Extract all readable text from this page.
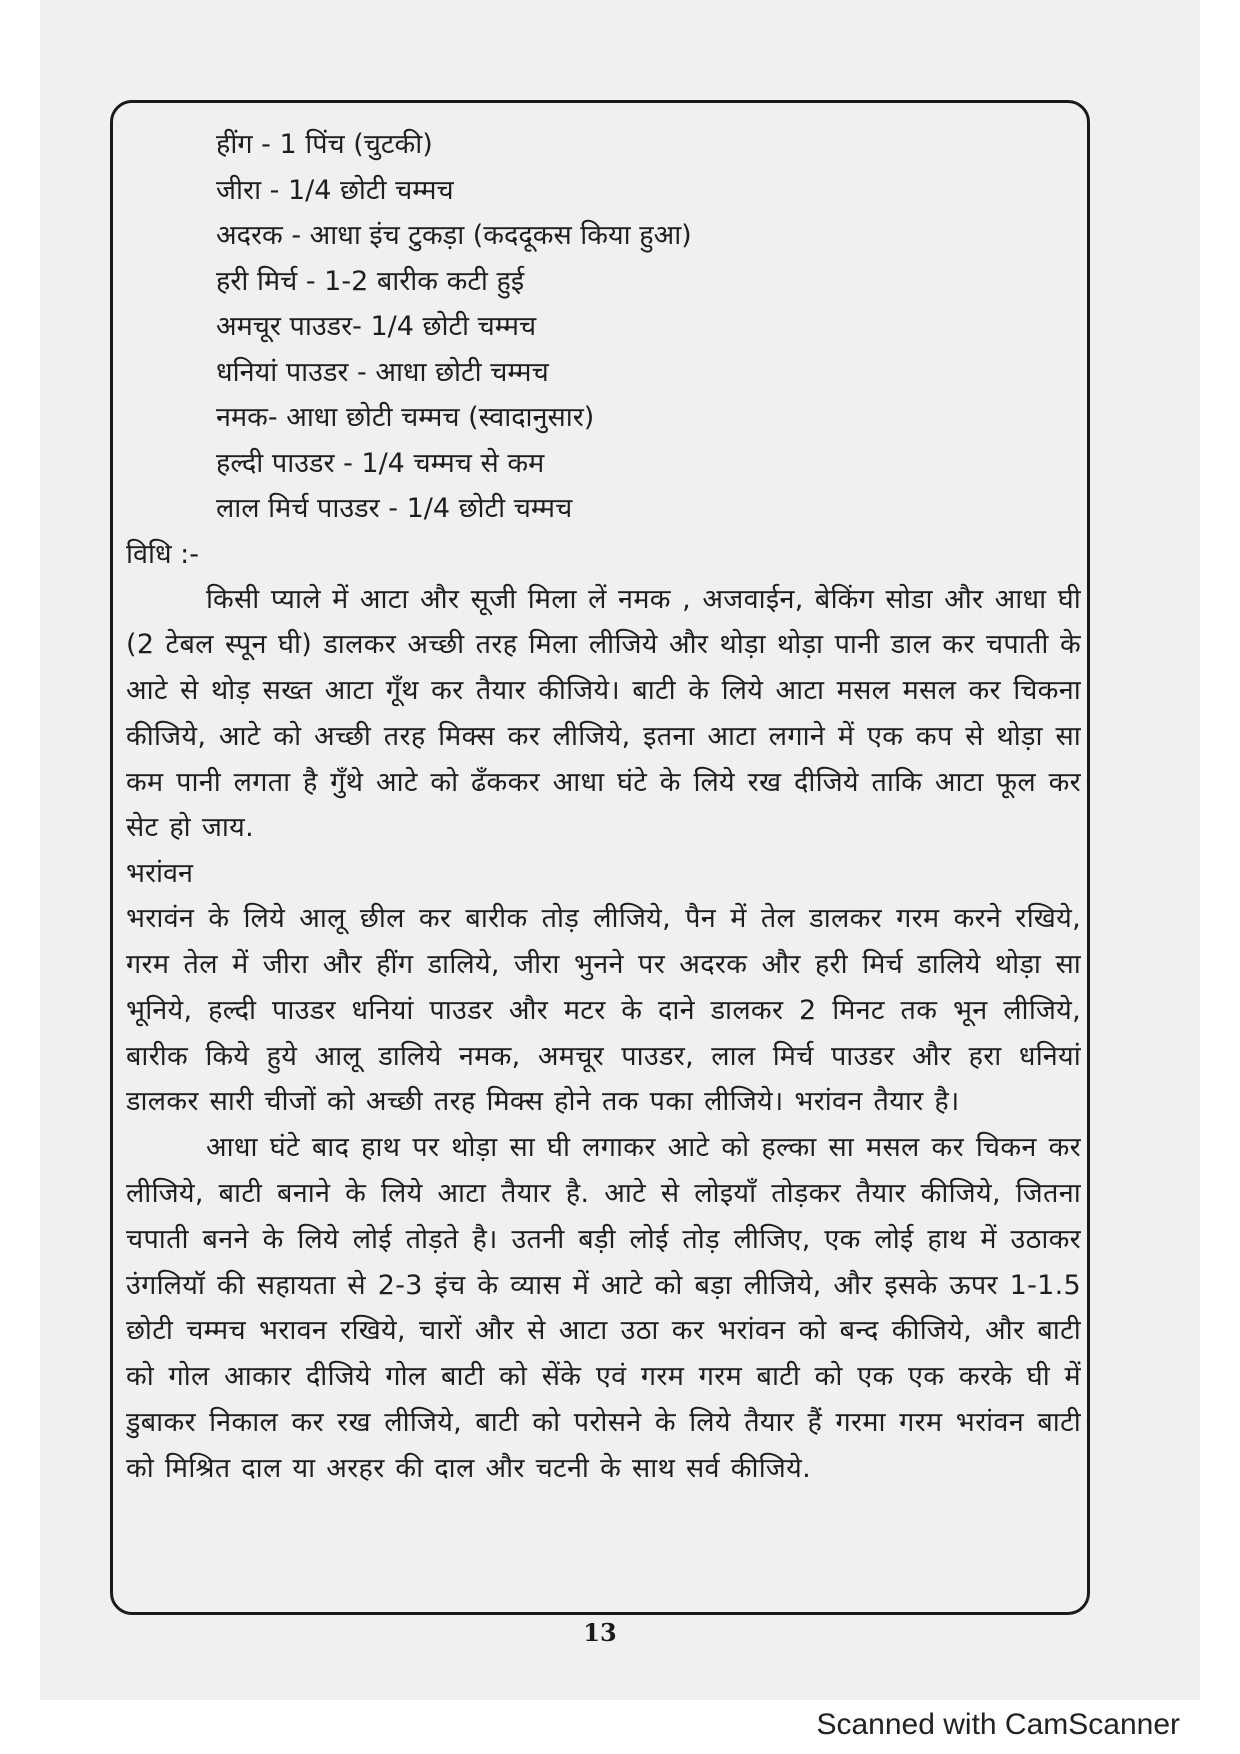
हींग - 1 पिंच (चुटकी)
जीरा - 1/4 छोटी चम्मच
अदरक - आधा इंच टुकड़ा (कददूकस किया हुआ)
हरी मिर्च - 1-2 बारीक कटी हुई
अमचूर पाउडर- 1/4 छोटी चम्मच
धनियां पाउडर - आधा छोटी चम्मच
नमक- आधा छोटी चम्मच (स्वादानुसार)
हल्दी पाउडर - 1/4 चम्मच से कम
लाल मिर्च पाउडर - 1/4 छोटी चम्मच

विधि :-

किसी प्याले में आटा और सूजी मिला लें नमक , अजवाईन, बेकिंग सोडा और आधा घी (2 टेबल स्पून घी) डालकर अच्छी तरह मिला लीजिये और थोड़ा थोड़ा पानी डाल कर चपाती के आटे से थोड़ सख्त आटा गूँथ कर तैयार कीजिये। बाटी के लिये आटा मसल मसल कर चिकना कीजिये, आटे को अच्छी तरह मिक्स कर लीजिये, इतना आटा लगाने में एक कप से थोड़ा सा कम पानी लगता है गुँथे आटे को ढँककर आधा घंटे के लिये रख दीजिये ताकि आटा फूल कर सेट हो जाय.

भरांवन

भरावंन के लिये आलू छील कर बारीक तोड़ लीजिये, पैन में तेल डालकर गरम करने रखिये, गरम तेल में जीरा और हींग डालिये, जीरा भुनने पर अदरक और हरी मिर्च डालिये थोड़ा सा भूनिये, हल्दी पाउडर धनियां पाउडर और मटर के दाने डालकर 2 मिनट तक भून लीजिये, बारीक किये हुये आलू डालिये नमक, अमचूर पाउडर, लाल मिर्च पाउडर और हरा धनियां डालकर सारी चीजों को अच्छी तरह मिक्स होने तक पका लीजिये। भरांवन तैयार है।

आधा घंटे बाद हाथ पर थोड़ा सा घी लगाकर आटे को हल्का सा मसल कर चिकन कर लीजिये, बाटी बनाने के लिये आटा तैयार है. आटे से लोइयाँ तोड़कर तैयार कीजिये, जितना चपाती बनने के लिये लोई तोड़ते है। उतनी बड़ी लोई तोड़ लीजिए, एक लोई हाथ में उठाकर उंगलियॉ की सहायता से 2-3 इंच के व्यास में आटे को बड़ा लीजिये, और इसके ऊपर 1-1.5 छोटी चम्मच भरावन रखिये, चारों और से आटा उठा कर भरांवन को बन्द कीजिये, और बाटी को गोल आकार दीजिये गोल बाटी को सेंके एवं गरम गरम बाटी को एक एक करके घी में डुबाकर निकाल कर रख लीजिये, बाटी को परोसने के लिये तैयार हैं गरमा गरम भरांवन बाटी को मिश्रित दाल या अरहर की दाल और चटनी के साथ सर्व कीजिये.

13
Scanned with CamScanner
